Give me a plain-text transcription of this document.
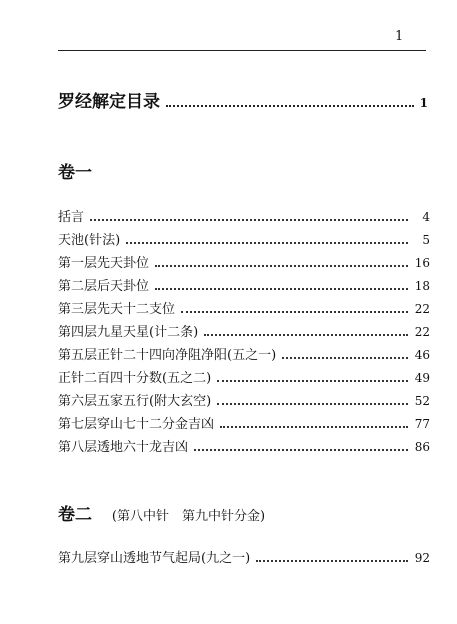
1
罗经解定目录	1
卷一
括言	4
天池(针法)	5
第一层先天卦位	16
第二层后天卦位	18
第三层先天十二支位	22
第四层九星天星(计二条)	22
第五层正针二十四向净阻净阳(五之一)	46
正针二百四十分数(五之二)	49
第六层五家五行(附大玄空)	52
第七层穿山七十二分金吉凶	77
第八层透地六十龙吉凶	86
卷二 (第八中针　第九中针分金)
第九层穿山透地节气起局(九之一)	92
